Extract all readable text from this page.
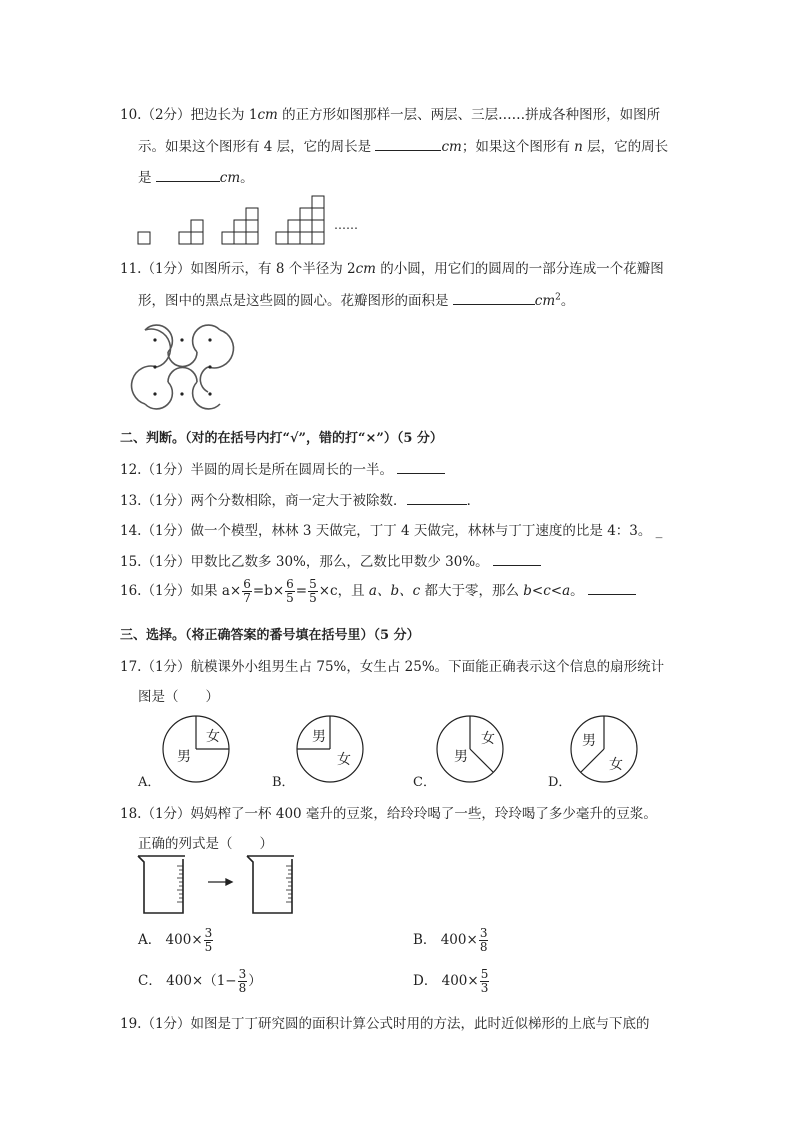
10.（2分）把边长为 1cm 的正方形如图那样一层、两层、三层……拼成各种图形，如图所
示。如果这个图形有 4 层，它的周长是	cm；如果这个图形有 n 层，它的周长
是	cm。
……
11.（1分）如图所示，有 8 个半径为 2cm 的小圆，用它们的圆周的一部分连成一个花瓣图
形，图中的黑点是这些圆的圆心。花瓣图形的面积是	$cm^2$。
二、判断。（对的在括号内打“√”，错的打“×”）（5 分）
12.（1分）半圆的周长是所在圆周长的一半。
13.（1分）两个分数相除，商一定大于被除数．	．
14.（1分）做一个模型，林林 3 天做完，丁丁 4 天做完，林林与丁丁速度的比是 4：3。 _
15.（1分）甲数比乙数多 30%，那么，乙数比甲数少 30%。
16.（1分）如果 $a\times \frac{6}{7} =b\times \frac{6}{5} = \frac{5}{5} \times c$，且 a、b、c 都大于零，那么 b<c<a。
三、选择。（将正确答案的番号填在括号里）（5 分）
17.（1分）航模课外小组男生占 75%，女生占 25%。下面能正确表示这个信息的扇形统计
图是（　　）
女
男
男
女
女
男
男
女
A．	B．	C．	D．
18.（1分）妈妈榨了一杯 400 毫升的豆浆，给玲玲喝了一些，玲玲喝了多少毫升的豆浆。
正确的列式是（　　）
A． $400\times \frac{3}{5}$	B． $400\times \frac{3}{8}$
C． $400\times(1- \frac{3}{8}$ ）	D． $400\times \frac{5}{3}$
19.（1分）如图是丁丁研究圆的面积计算公式时用的方法，此时近似梯形的上底与下底的
